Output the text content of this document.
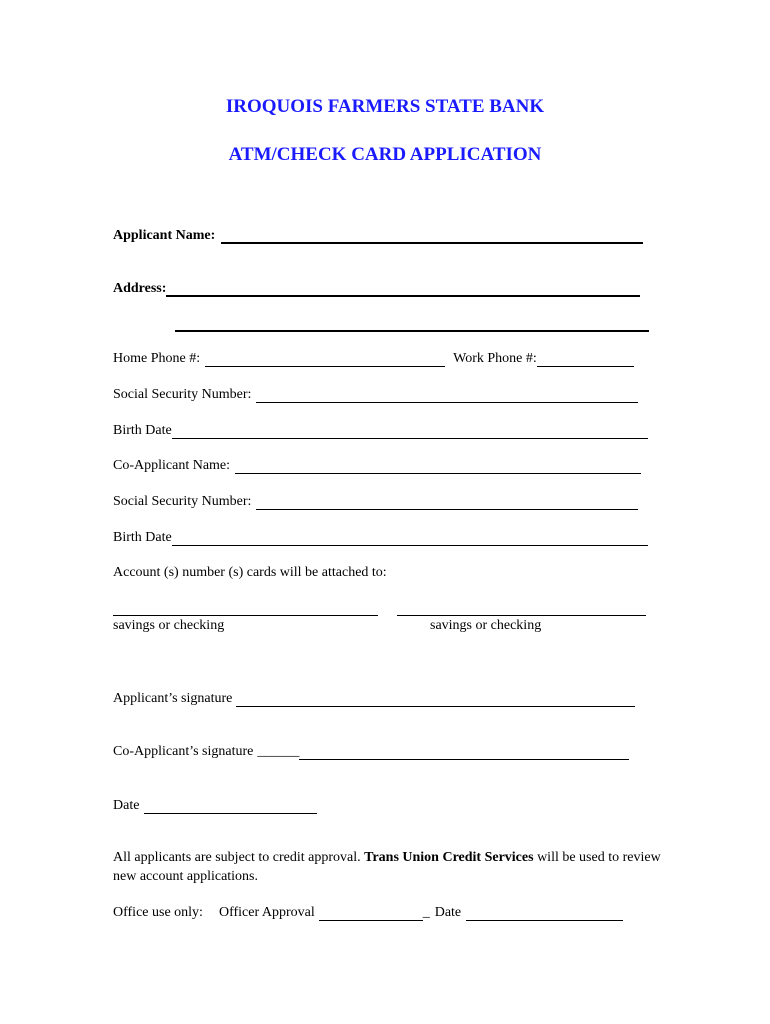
IROQUOIS FARMERS STATE BANK
ATM/CHECK CARD APPLICATION
Applicant Name:
Address:
Home Phone #:	Work Phone #:
Social Security Number:
Birth Date
Co-Applicant Name:
Social Security Number:
Birth Date
Account (s) number (s) cards will be attached to:
savings or checking	savings or checking
Applicant’s signature
Co-Applicant’s signature ______
Date
All applicants are subject to credit approval. Trans Union Credit Services will be used to review new account applications.
Office use only: Officer Approval	_ Date
